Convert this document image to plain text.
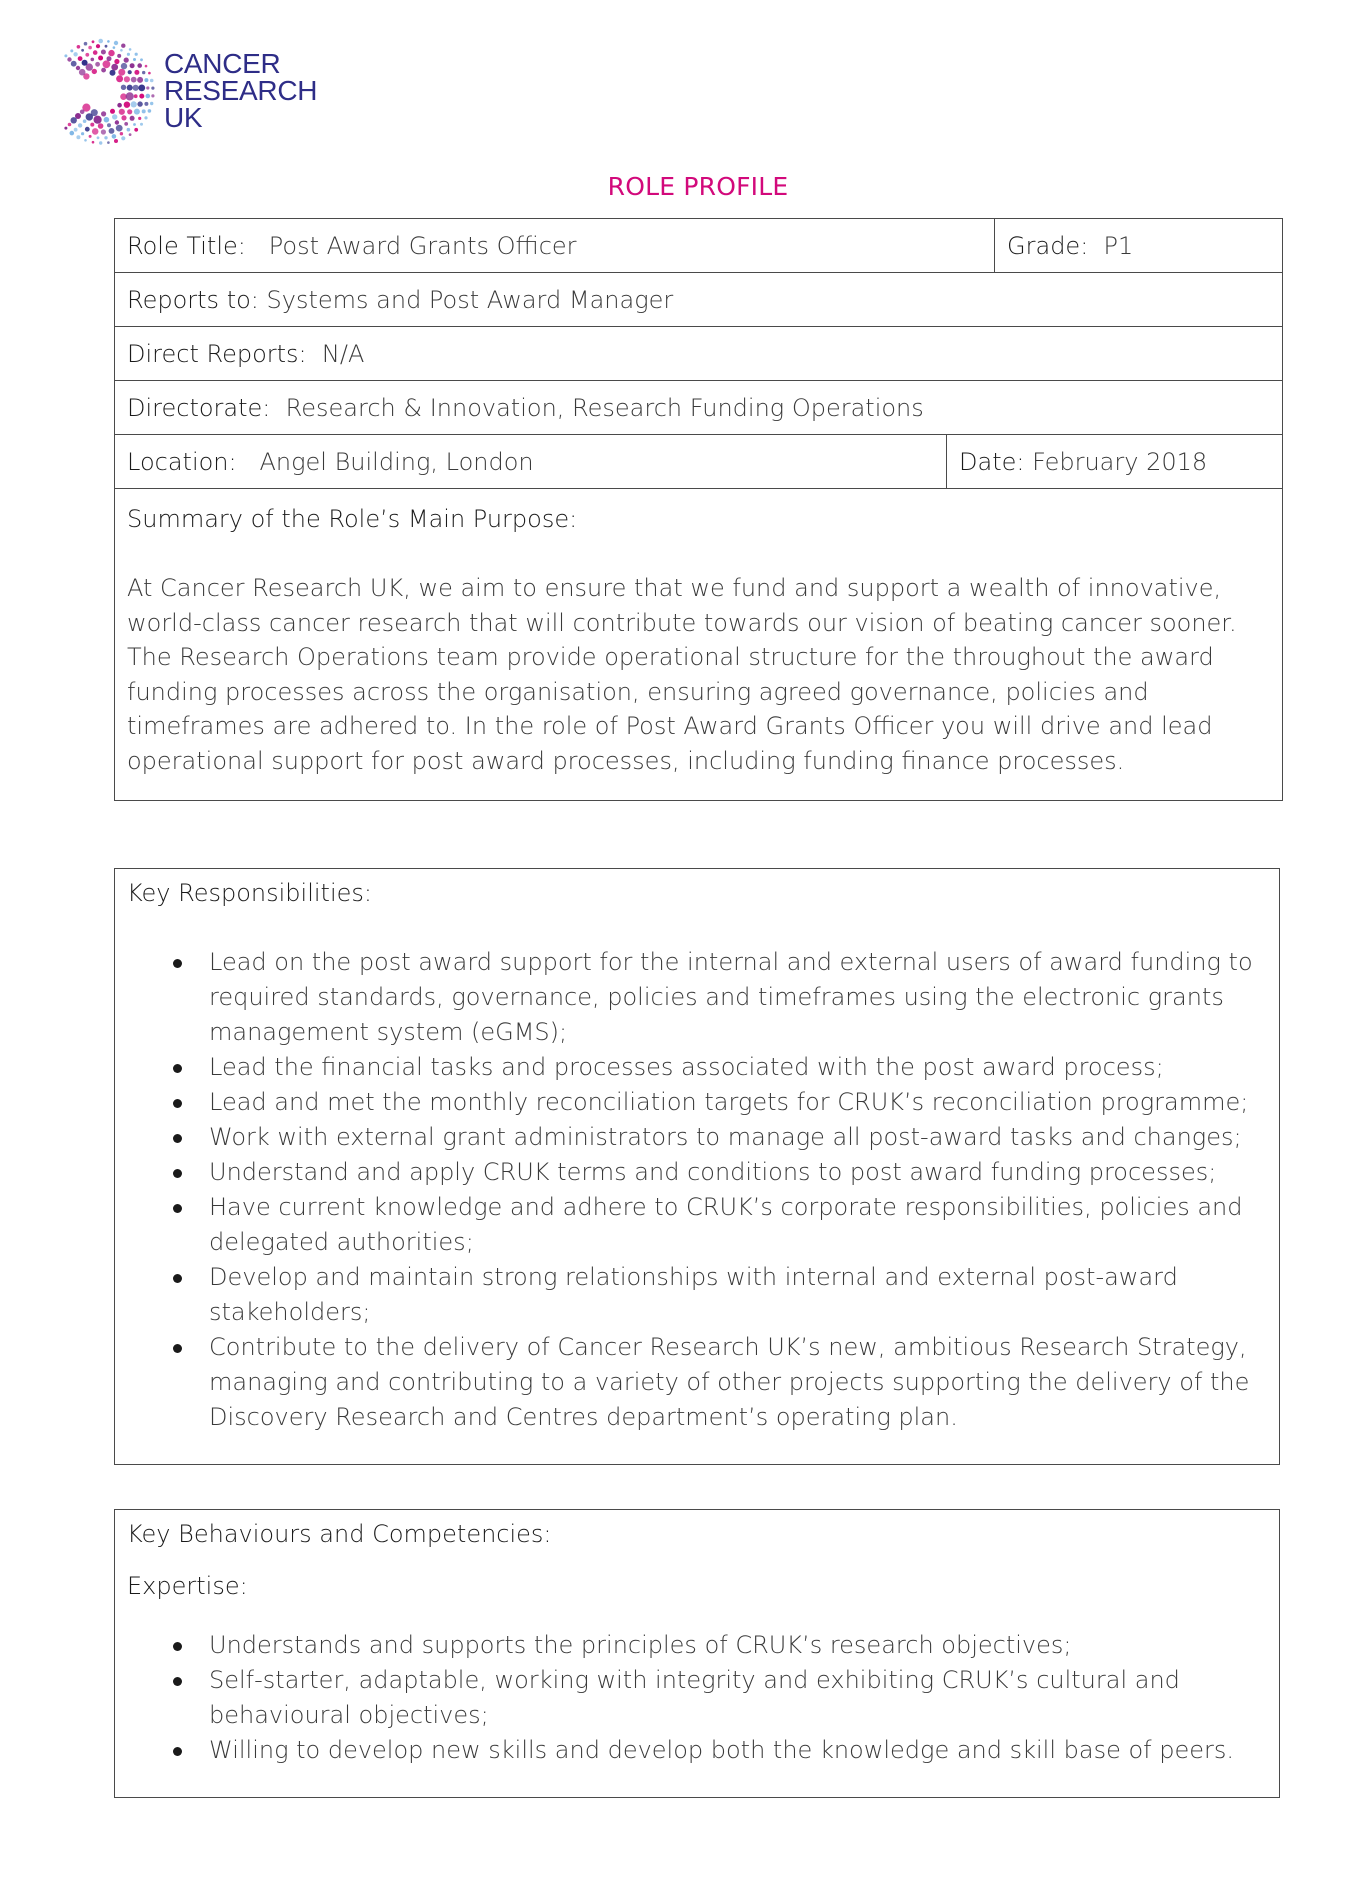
CANCER
RESEARCH
UK
ROLE PROFILE
Role Title: Post Award Grants Officer		Grade: P1
Reports to: Systems and Post Award Manager		
Direct Reports: N/A		
Directorate: Research & Innovation, Research Funding Operations		
Location: Angel Building, London	Date: February 2018	

Summary of the Role’s Main Purpose:
At Cancer Research UK, we aim to ensure that we fund and support a wealth of innovative, world-class cancer research that will contribute towards our vision of beating cancer sooner. The Research Operations team provide operational structure for the throughout the award funding processes across the organisation, ensuring agreed governance, policies and timeframes are adhered to. In the role of Post Award Grants Officer you will drive and lead operational support for post award processes, including funding finance processes.		
Key Responsibilities:
Lead on the post award support for the internal and external users of award funding to required standards, governance, policies and timeframes using the electronic grants management system (eGMS);
Lead the financial tasks and processes associated with the post award process;
Lead and met the monthly reconciliation targets for CRUK’s reconciliation programme;
Work with external grant administrators to manage all post-award tasks and changes;
Understand and apply CRUK terms and conditions to post award funding processes;
Have current knowledge and adhere to CRUK’s corporate responsibilities, policies and delegated authorities;
Develop and maintain strong relationships with internal and external post-award stakeholders;
Contribute to the delivery of Cancer Research UK’s new, ambitious Research Strategy, managing and contributing to a variety of other projects supporting the delivery of the Discovery Research and Centres department’s operating plan.
Key Behaviours and Competencies:
Expertise:
Understands and supports the principles of CRUK’s research objectives;
Self-starter, adaptable, working with integrity and exhibiting CRUK’s cultural and behavioural objectives;
Willing to develop new skills and develop both the knowledge and skill base of peers.
